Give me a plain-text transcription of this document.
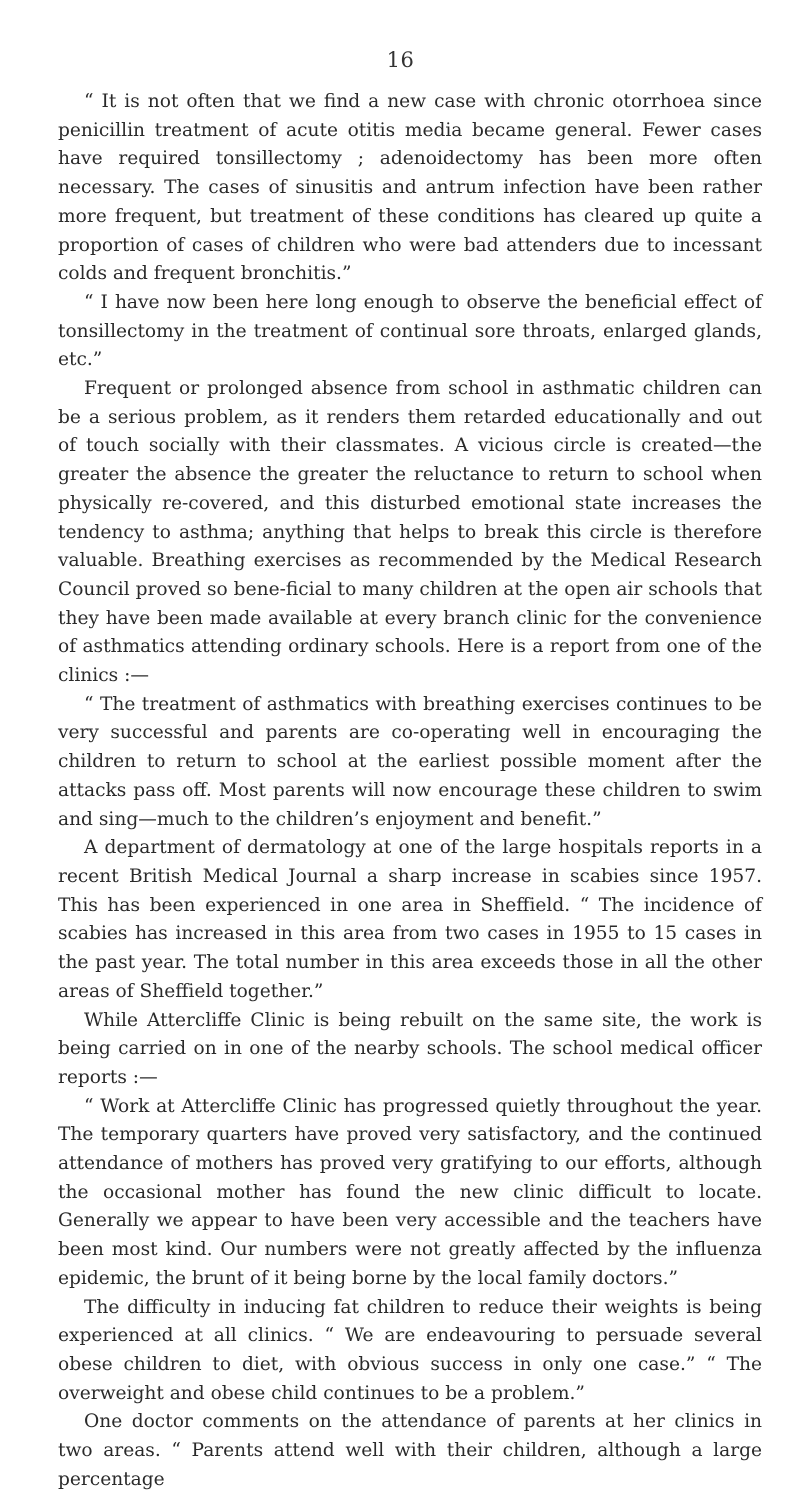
16

“ It is not often that we find a new case with chronic otorrhoea since penicillin treatment of acute otitis media became general. Fewer cases have required tonsillectomy ; adenoidectomy has been more often necessary. The cases of sinusitis and antrum infection have been rather more frequent, but treatment of these conditions has cleared up quite a proportion of cases of children who were bad attenders due to incessant colds and frequent bronchitis.”

“ I have now been here long enough to observe the beneficial effect of tonsillectomy in the treatment of continual sore throats, enlarged glands, etc.”

Frequent or prolonged absence from school in asthmatic children can be a serious problem, as it renders them retarded educationally and out of touch socially with their classmates. A vicious circle is created—the greater the absence the greater the reluctance to return to school when physically re-covered, and this disturbed emotional state increases the tendency to asthma; anything that helps to break this circle is therefore valuable. Breathing exercises as recommended by the Medical Research Council proved so bene-ficial to many children at the open air schools that they have been made available at every branch clinic for the convenience of asthmatics attending ordinary schools. Here is a report from one of the clinics :—

“ The treatment of asthmatics with breathing exercises continues to be very successful and parents are co-operating well in encouraging the children to return to school at the earliest possible moment after the attacks pass off. Most parents will now encourage these children to swim and sing—much to the children’s enjoyment and benefit.”

A department of dermatology at one of the large hospitals reports in a recent British Medical Journal a sharp increase in scabies since 1957. This has been experienced in one area in Sheffield. “ The incidence of scabies has increased in this area from two cases in 1955 to 15 cases in the past year. The total number in this area exceeds those in all the other areas of Sheffield together.”

While Attercliffe Clinic is being rebuilt on the same site, the work is being carried on in one of the nearby schools. The school medical officer reports :—

“ Work at Attercliffe Clinic has progressed quietly throughout the year. The temporary quarters have proved very satisfactory, and the continued attendance of mothers has proved very gratifying to our efforts, although the occasional mother has found the new clinic difficult to locate. Generally we appear to have been very accessible and the teachers have been most kind. Our numbers were not greatly affected by the influenza epidemic, the brunt of it being borne by the local family doctors.”

The difficulty in inducing fat children to reduce their weights is being experienced at all clinics. “ We are endeavouring to persuade several obese children to diet, with obvious success in only one case.” “ The overweight and obese child continues to be a problem.”

One doctor comments on the attendance of parents at her clinics in two areas. “ Parents attend well with their children, although a large percentage
